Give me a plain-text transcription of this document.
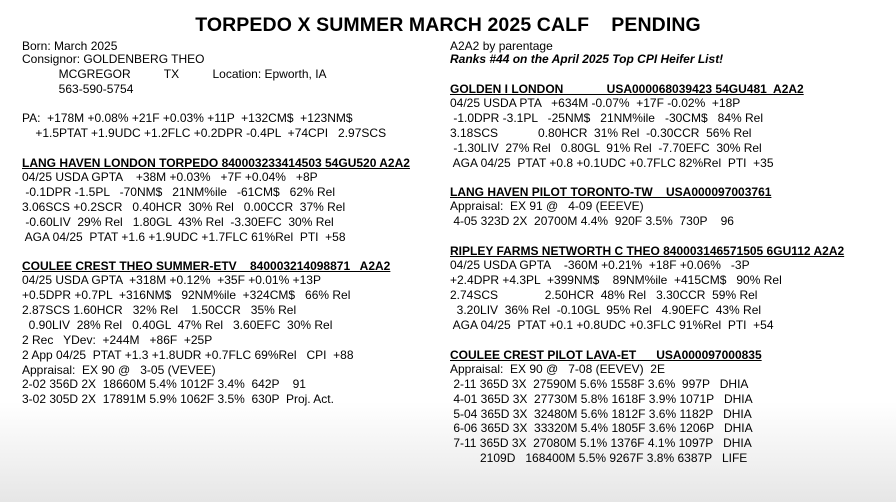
TORPEDO X SUMMER MARCH 2025 CALF    PENDING
Born: March 2025
Consignor: GOLDENBERG THEO
MCGREGOR          TX          Location: Epworth, IA
563-590-5754
PA:  +178M +0.08% +21F +0.03% +11P  +132CM$  +123NM$
+1.5PTAT +1.9UDC +1.2FLC +0.2DPR -0.4PL  +74CPI   2.97SCS
LANG HAVEN LONDON TORPEDO 840003233414503 54GU520 A2A2
04/25 USDA GPTA    +38M +0.03%   +7F +0.04%   +8P
-0.1DPR -1.5PL   -70NM$   21NM%ile   -61CM$   62% Rel
3.06SCS +0.2SCR   0.40HCR  30% Rel   0.00CCR  37% Rel
-0.60LIV  29% Rel   1.80GL  43% Rel  -3.30EFC  30% Rel
AGA 04/25  PTAT +1.6 +1.9UDC +1.7FLC 61%Rel  PTI  +58
COULEE CREST THEO SUMMER-ETV    840003214098871   A2A2
04/25 USDA GPTA  +318M +0.12%  +35F +0.01% +13P
+0.5DPR +0.7PL  +316NM$   92NM%ile  +324CM$   66% Rel
2.87SCS 1.60HCR   32% Rel    1.50CCR   35% Rel
0.90LIV  28% Rel   0.40GL  47% Rel   3.60EFC  30% Rel
2 Rec   YDev:  +244M   +86F  +25P
2 App 04/25  PTAT +1.3 +1.8UDR +0.7FLC 69%Rel   CPI  +88
Appraisal:  EX 90 @   3-05 (VEVEE)
2-02 356D 2X  18660M 5.4% 1012F 3.4%  642P    91
3-02 305D 2X  17891M 5.9% 1062F 3.5%  630P  Proj. Act.
A2A2 by parentage
Ranks #44 on the April 2025 Top CPI Heifer List!
GOLDEN I LONDON             USA000068039423 54GU481  A2A2
04/25 USDA PTA   +634M -0.07%  +17F -0.02%  +18P
-1.0DPR -3.1PL   -25NM$   21NM%ile   -30CM$   84% Rel
3.18SCS            0.80HCR  31% Rel  -0.30CCR  56% Rel
-1.30LIV  27% Rel   0.80GL  91% Rel  -7.70EFC  30% Rel
AGA 04/25  PTAT +0.8 +0.1UDC +0.7FLC 82%Rel  PTI  +35
LANG HAVEN PILOT TORONTO-TW    USA000097003761
Appraisal:  EX 91 @   4-09 (EEEVE)
4-05 323D 2X  20700M 4.4%  920F 3.5%  730P    96
RIPLEY FARMS NETWORTH C THEO 840003146571505 6GU112 A2A2
04/25 USDA GPTA    -360M +0.21%  +18F +0.06%   -3P
+2.4DPR +4.3PL  +399NM$    89NM%ile  +415CM$   90% Rel
2.74SCS              2.50HCR  48% Rel   3.30CCR  59% Rel
3.20LIV  36% Rel  -0.10GL  95% Rel   4.90EFC  43% Rel
AGA 04/25  PTAT +0.1 +0.8UDC +0.3FLC 91%Rel  PTI  +54
COULEE CREST PILOT LAVA-ET      USA000097000835
Appraisal:  EX 90 @   7-08 (EEVEV)  2E
2-11 365D 3X  27590M 5.6% 1558F 3.6%  997P   DHIA
4-01 365D 3X  27730M 5.8% 1618F 3.9% 1071P   DHIA
5-04 365D 3X  32480M 5.6% 1812F 3.6% 1182P   DHIA
6-06 365D 3X  33320M 5.4% 1805F 3.6% 1206P   DHIA
7-11 365D 3X  27080M 5.1% 1376F 4.1% 1097P   DHIA
2109D   168400M 5.5% 9267F 3.8% 6387P   LIFE
